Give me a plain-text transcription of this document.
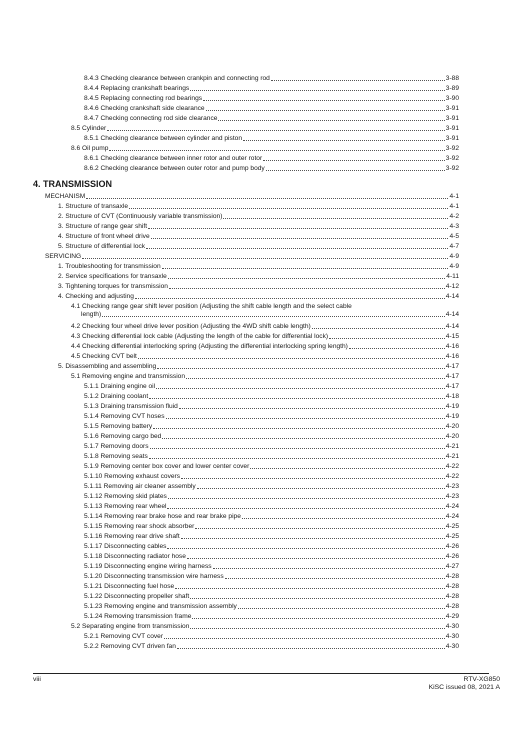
8.4.3 Checking clearance between crankpin and connecting rod	3-88
8.4.4 Replacing crankshaft bearings	3-89
8.4.5 Replacing connecting rod bearings	3-90
8.4.6 Checking crankshaft side clearance	3-91
8.4.7 Checking connecting rod side clearance	3-91
8.5 Cylinder	3-91
8.5.1 Checking clearance between cylinder and piston	3-91
8.6 Oil pump	3-92
8.6.1 Checking clearance between inner rotor and outer rotor	3-92
8.6.2 Checking clearance between outer rotor and pump body	3-92
4. TRANSMISSION
MECHANISM	4-1
1. Structure of transaxle	4-1
2. Structure of CVT (Continuously variable transmission)	4-2
3. Structure of range gear shift	4-3
4. Structure of front wheel drive	4-5
5. Structure of differential lock	4-7
SERVICING	4-9
1. Troubleshooting for transmission	4-9
2. Service specifications for transaxle	4-11
3. Tightening torques for transmission	4-12
4. Checking and adjusting	4-14
4.1 Checking range gear shift lever position (Adjusting the shift cable length and the select cable
length)	4-14
4.2 Checking four wheel drive lever position (Adjusting the 4WD shift cable length)	4-14
4.3 Checking differential lock cable (Adjusting the length of the cable for differential lock)	4-15
4.4 Checking differential interlocking spring (Adjusting the differential interlocking spring length)	4-16
4.5 Checking CVT belt	4-16
5. Disassembling and assembling	4-17
5.1 Removing engine and transmission	4-17
5.1.1 Draining engine oil	4-17
5.1.2 Draining coolant	4-18
5.1.3 Draining transmission fluid	4-19
5.1.4 Removing CVT hoses	4-19
5.1.5 Removing battery	4-20
5.1.6 Removing cargo bed	4-20
5.1.7 Removing doors	4-21
5.1.8 Removing seats	4-21
5.1.9 Removing center box cover and lower center cover	4-22
5.1.10 Removing exhaust covers	4-22
5.1.11 Removing air cleaner assembly	4-23
5.1.12 Removing skid plates	4-23
5.1.13 Removing rear wheel	4-24
5.1.14 Removing rear brake hose and rear brake pipe	4-24
5.1.15 Removing rear shock absorber	4-25
5.1.16 Removing rear drive shaft	4-25
5.1.17 Disconnecting cables	4-26
5.1.18 Disconnecting radiator hose	4-26
5.1.19 Disconnecting engine wiring harness	4-27
5.1.20 Disconnecting transmission wire harness	4-28
5.1.21 Disconnecting fuel hose	4-28
5.1.22 Disconnecting propeller shaft	4-28
5.1.23 Removing engine and transmission assembly	4-28
5.1.24 Removing transmission frame	4-29
5.2 Separating engine from transmission	4-30
5.2.1 Removing CVT cover	4-30
5.2.2 Removing CVT driven fan	4-30
viii	RTV-XG850
KiSC issued 08, 2021 A
